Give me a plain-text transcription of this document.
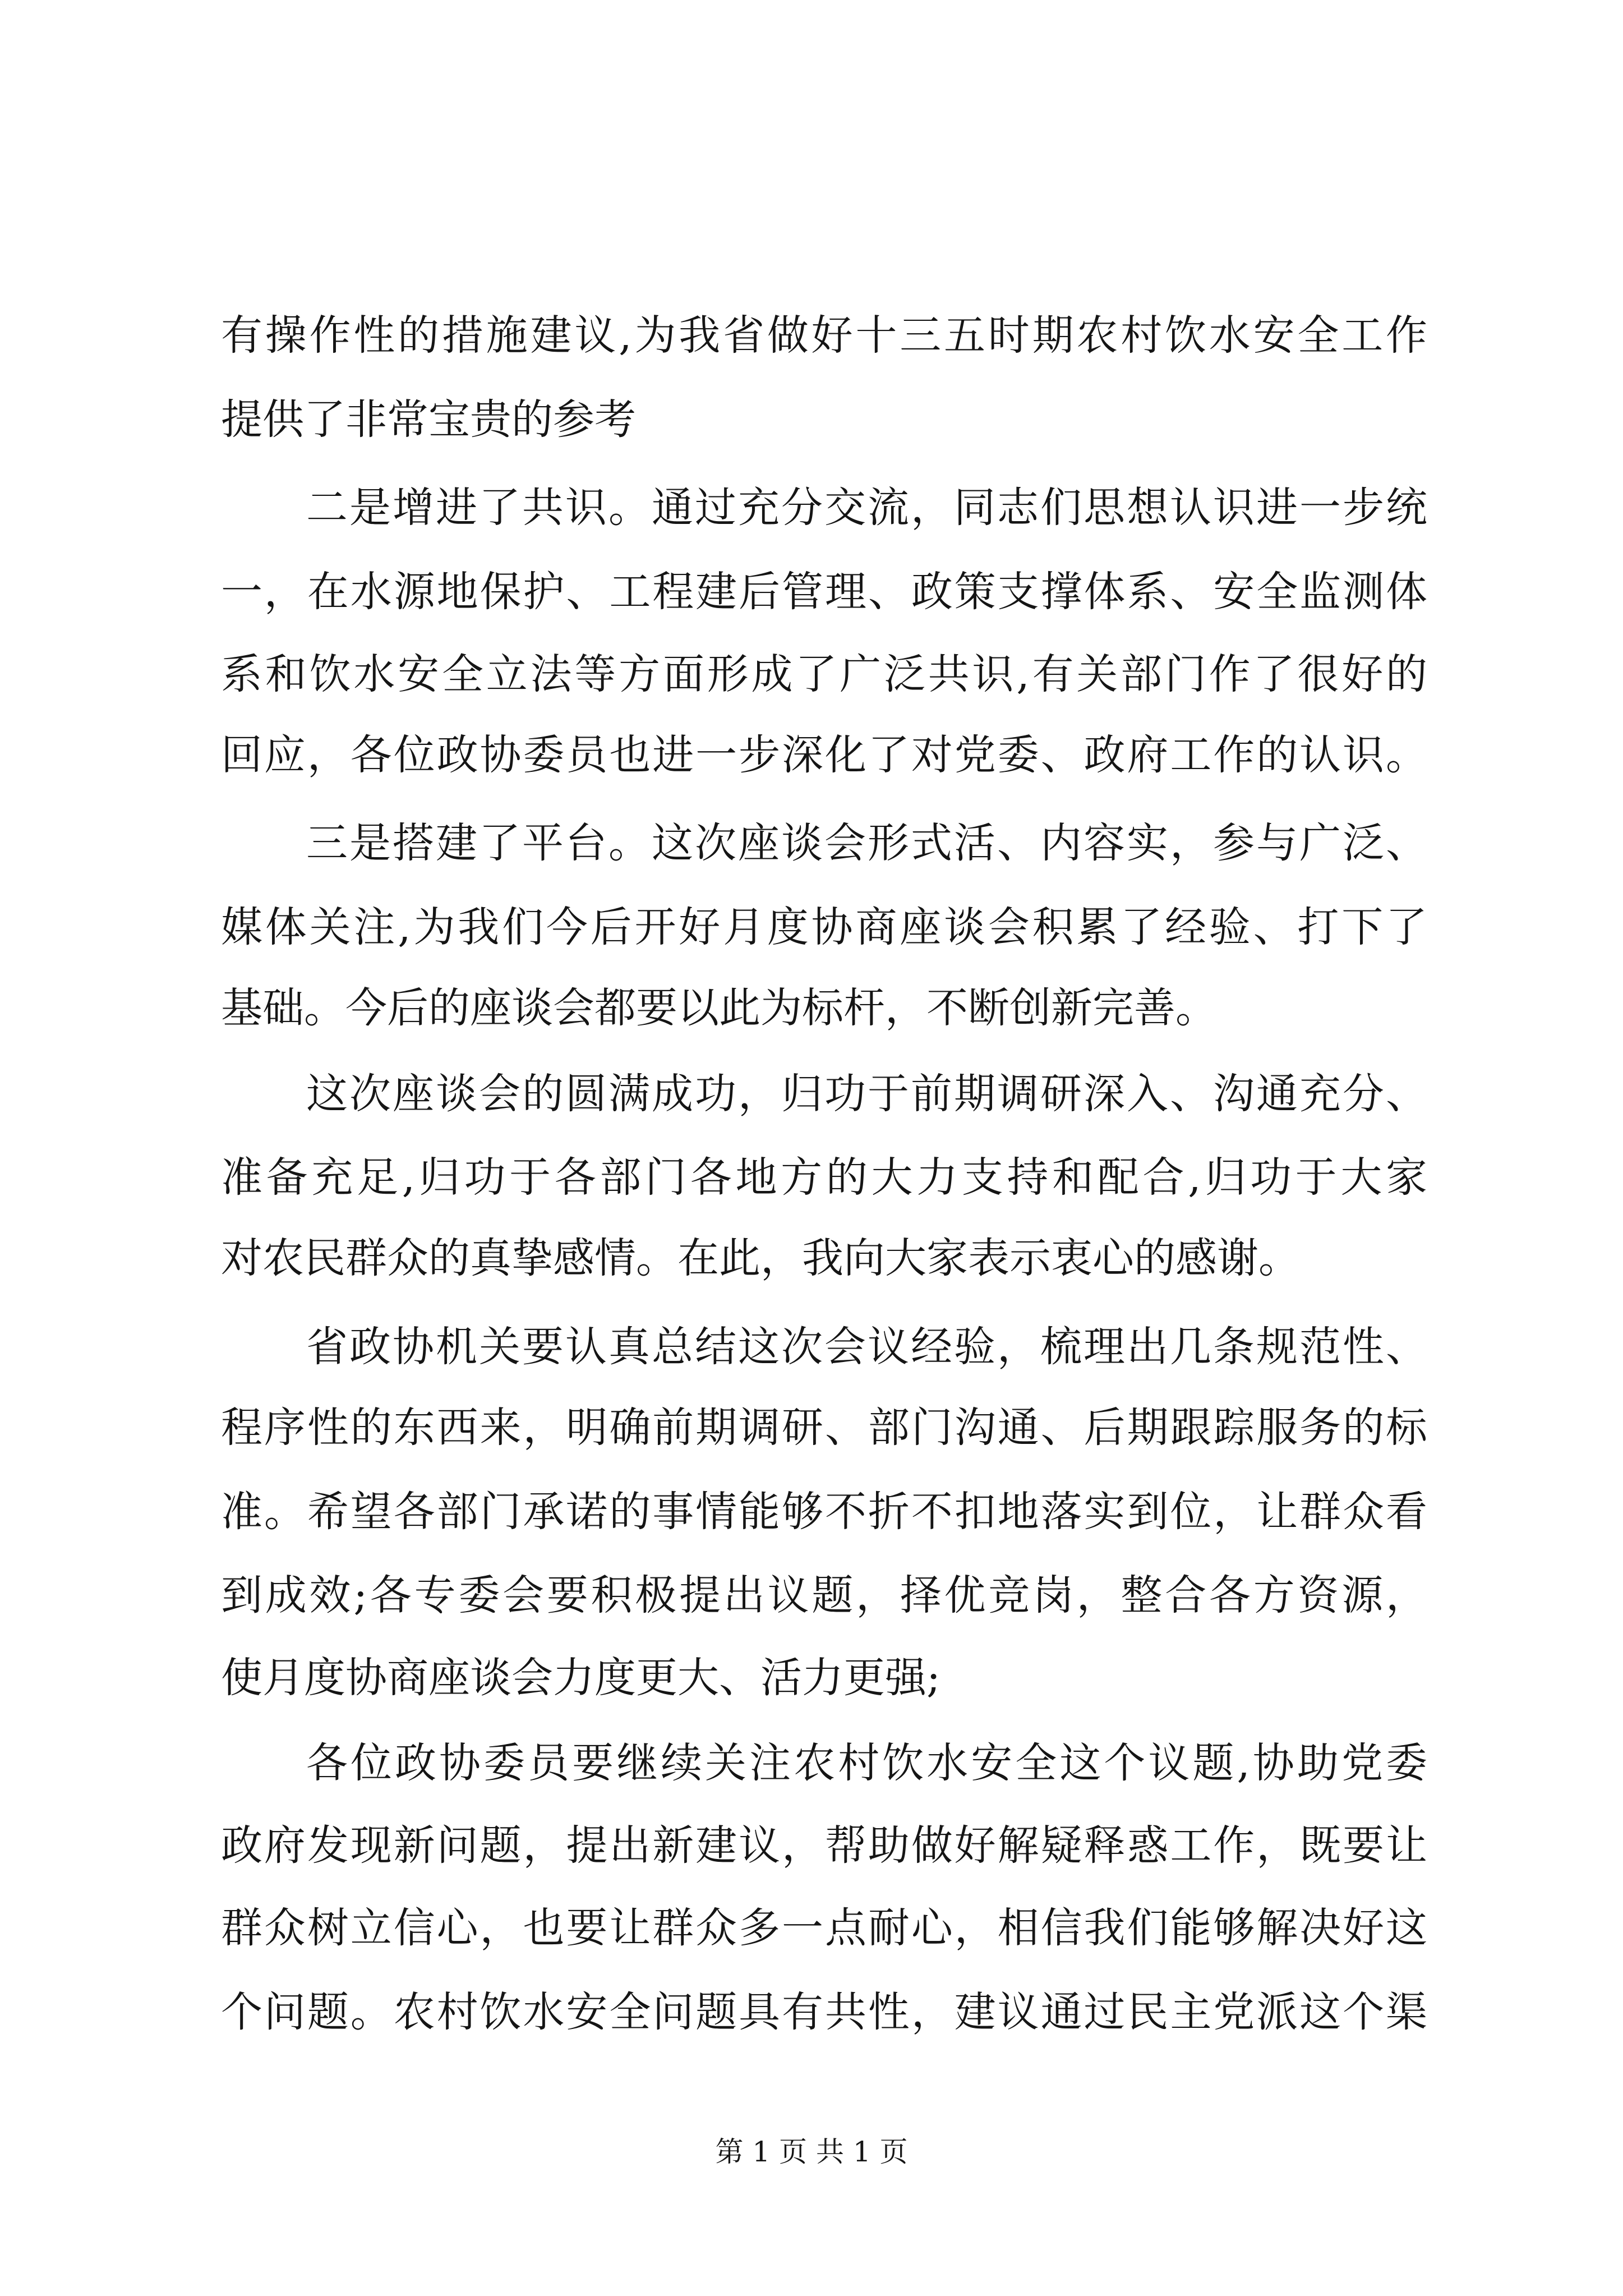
有操作性的措施建议,为我省做好十三五时期农村饮水安全工作
提供了非常宝贵的参考
二是增进了共识。通过充分交流，同志们思想认识进一步统
一，在水源地保护、工程建后管理、政策支撑体系、安全监测体
系和饮水安全立法等方面形成了广泛共识,有关部门作了很好的
回应，各位政协委员也进一步深化了对党委、政府工作的认识。
三是搭建了平台。这次座谈会形式活、内容实，参与广泛、
媒体关注,为我们今后开好月度协商座谈会积累了经验、打下了
基础。今后的座谈会都要以此为标杆，不断创新完善。
这次座谈会的圆满成功，归功于前期调研深入、沟通充分、
准备充足,归功于各部门各地方的大力支持和配合,归功于大家
对农民群众的真挚感情。在此，我向大家表示衷心的感谢。
省政协机关要认真总结这次会议经验，梳理出几条规范性、
程序性的东西来，明确前期调研、部门沟通、后期跟踪服务的标
准。希望各部门承诺的事情能够不折不扣地落实到位，让群众看
到成效;各专委会要积极提出议题，择优竞岗，整合各方资源，
使月度协商座谈会力度更大、活力更强;
各位政协委员要继续关注农村饮水安全这个议题,协助党委
政府发现新问题，提出新建议，帮助做好解疑释惑工作，既要让
群众树立信心，也要让群众多一点耐心，相信我们能够解决好这
个问题。农村饮水安全问题具有共性，建议通过民主党派这个渠
第 1 页 共 1 页
